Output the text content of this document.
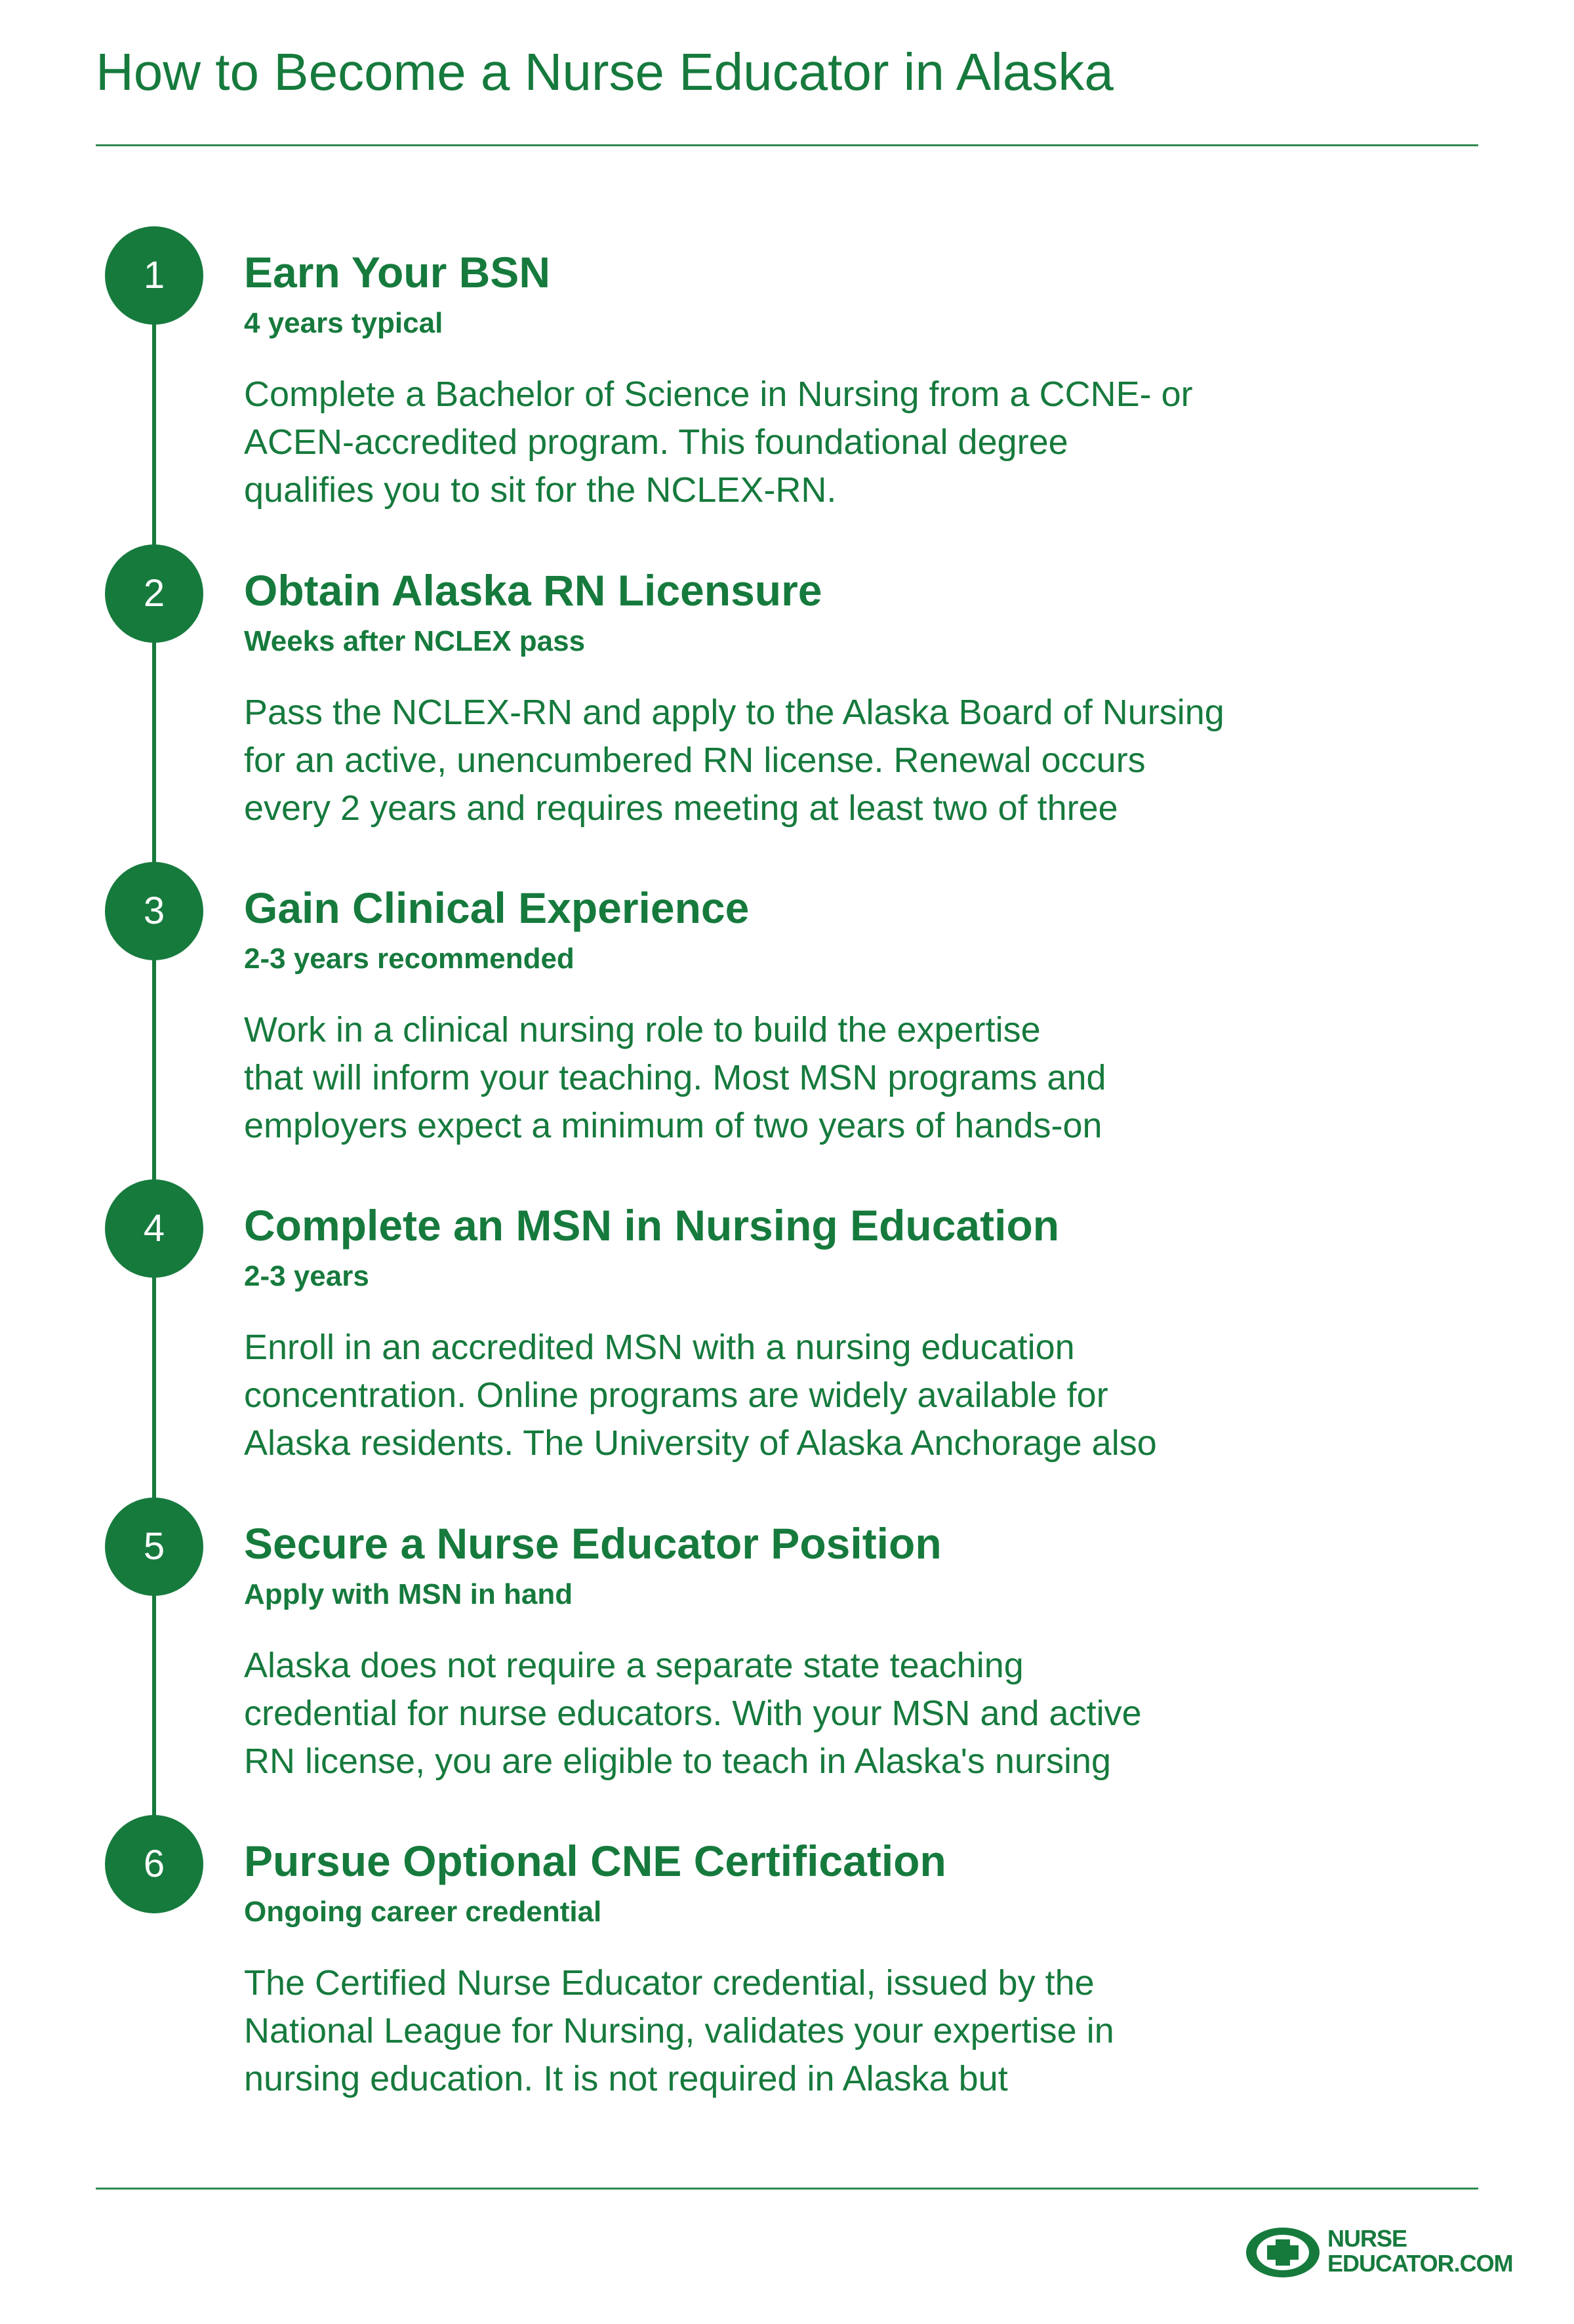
How to Become a Nurse Educator in Alaska
1	Earn Your BSN
4 years typical
Complete a Bachelor of Science in Nursing from a CCNE- or
ACEN-accredited program. This foundational degree
qualifies you to sit for the NCLEX-RN.
2	Obtain Alaska RN Licensure
Weeks after NCLEX pass
Pass the NCLEX-RN and apply to the Alaska Board of Nursing
for an active, unencumbered RN license. Renewal occurs
every 2 years and requires meeting at least two of three
3	Gain Clinical Experience
2-3 years recommended
Work in a clinical nursing role to build the expertise
that will inform your teaching. Most MSN programs and
employers expect a minimum of two years of hands-on
4	Complete an MSN in Nursing Education
2-3 years
Enroll in an accredited MSN with a nursing education
concentration. Online programs are widely available for
Alaska residents. The University of Alaska Anchorage also
5	Secure a Nurse Educator Position
Apply with MSN in hand
Alaska does not require a separate state teaching
credential for nurse educators. With your MSN and active
RN license, you are eligible to teach in Alaska's nursing
6	Pursue Optional CNE Certification
Ongoing career credential
The Certified Nurse Educator credential, issued by the
National League for Nursing, validates your expertise in
nursing education. It is not required in Alaska but
NURSE
EDUCATOR.COM
